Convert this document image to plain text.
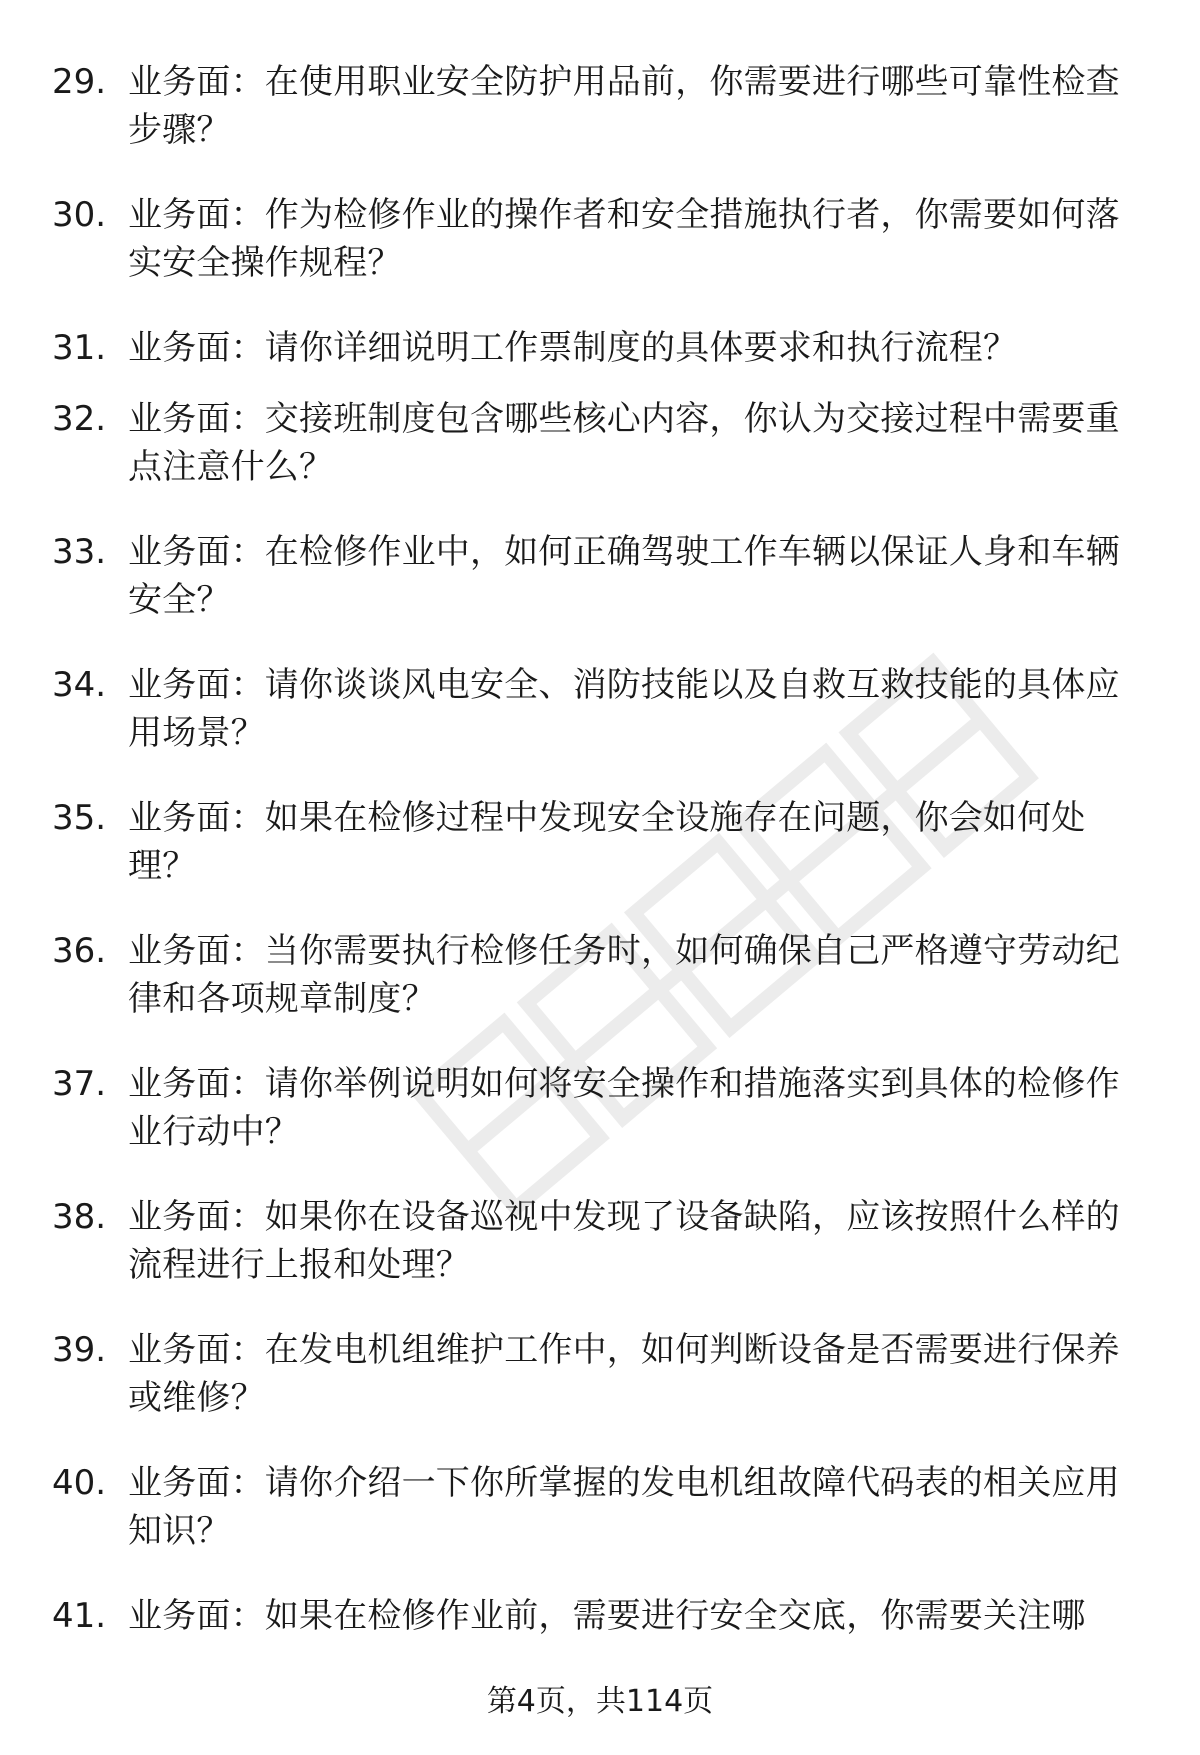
29. 业务面：在使用职业安全防护用品前，你需要进行哪些可靠性检查步骤？
30. 业务面：作为检修作业的操作者和安全措施执行者，你需要如何落实安全操作规程？
31. 业务面：请你详细说明工作票制度的具体要求和执行流程？
32. 业务面：交接班制度包含哪些核心内容，你认为交接过程中需要重点注意什么？
33. 业务面：在检修作业中，如何正确驾驶工作车辆以保证人身和车辆安全？
34. 业务面：请你谈谈风电安全、消防技能以及自救互救技能的具体应用场景？
35. 业务面：如果在检修过程中发现安全设施存在问题，你会如何处理？
36. 业务面：当你需要执行检修任务时，如何确保自己严格遵守劳动纪律和各项规章制度？
37. 业务面：请你举例说明如何将安全操作和措施落实到具体的检修作业行动中？
38. 业务面：如果你在设备巡视中发现了设备缺陷，应该按照什么样的流程进行上报和处理？
39. 业务面：在发电机组维护工作中，如何判断设备是否需要进行保养或维修？
40. 业务面：请你介绍一下你所掌握的发电机组故障代码表的相关应用知识？
41. 业务面：如果在检修作业前，需要进行安全交底，你需要关注哪
第4页，共114页
